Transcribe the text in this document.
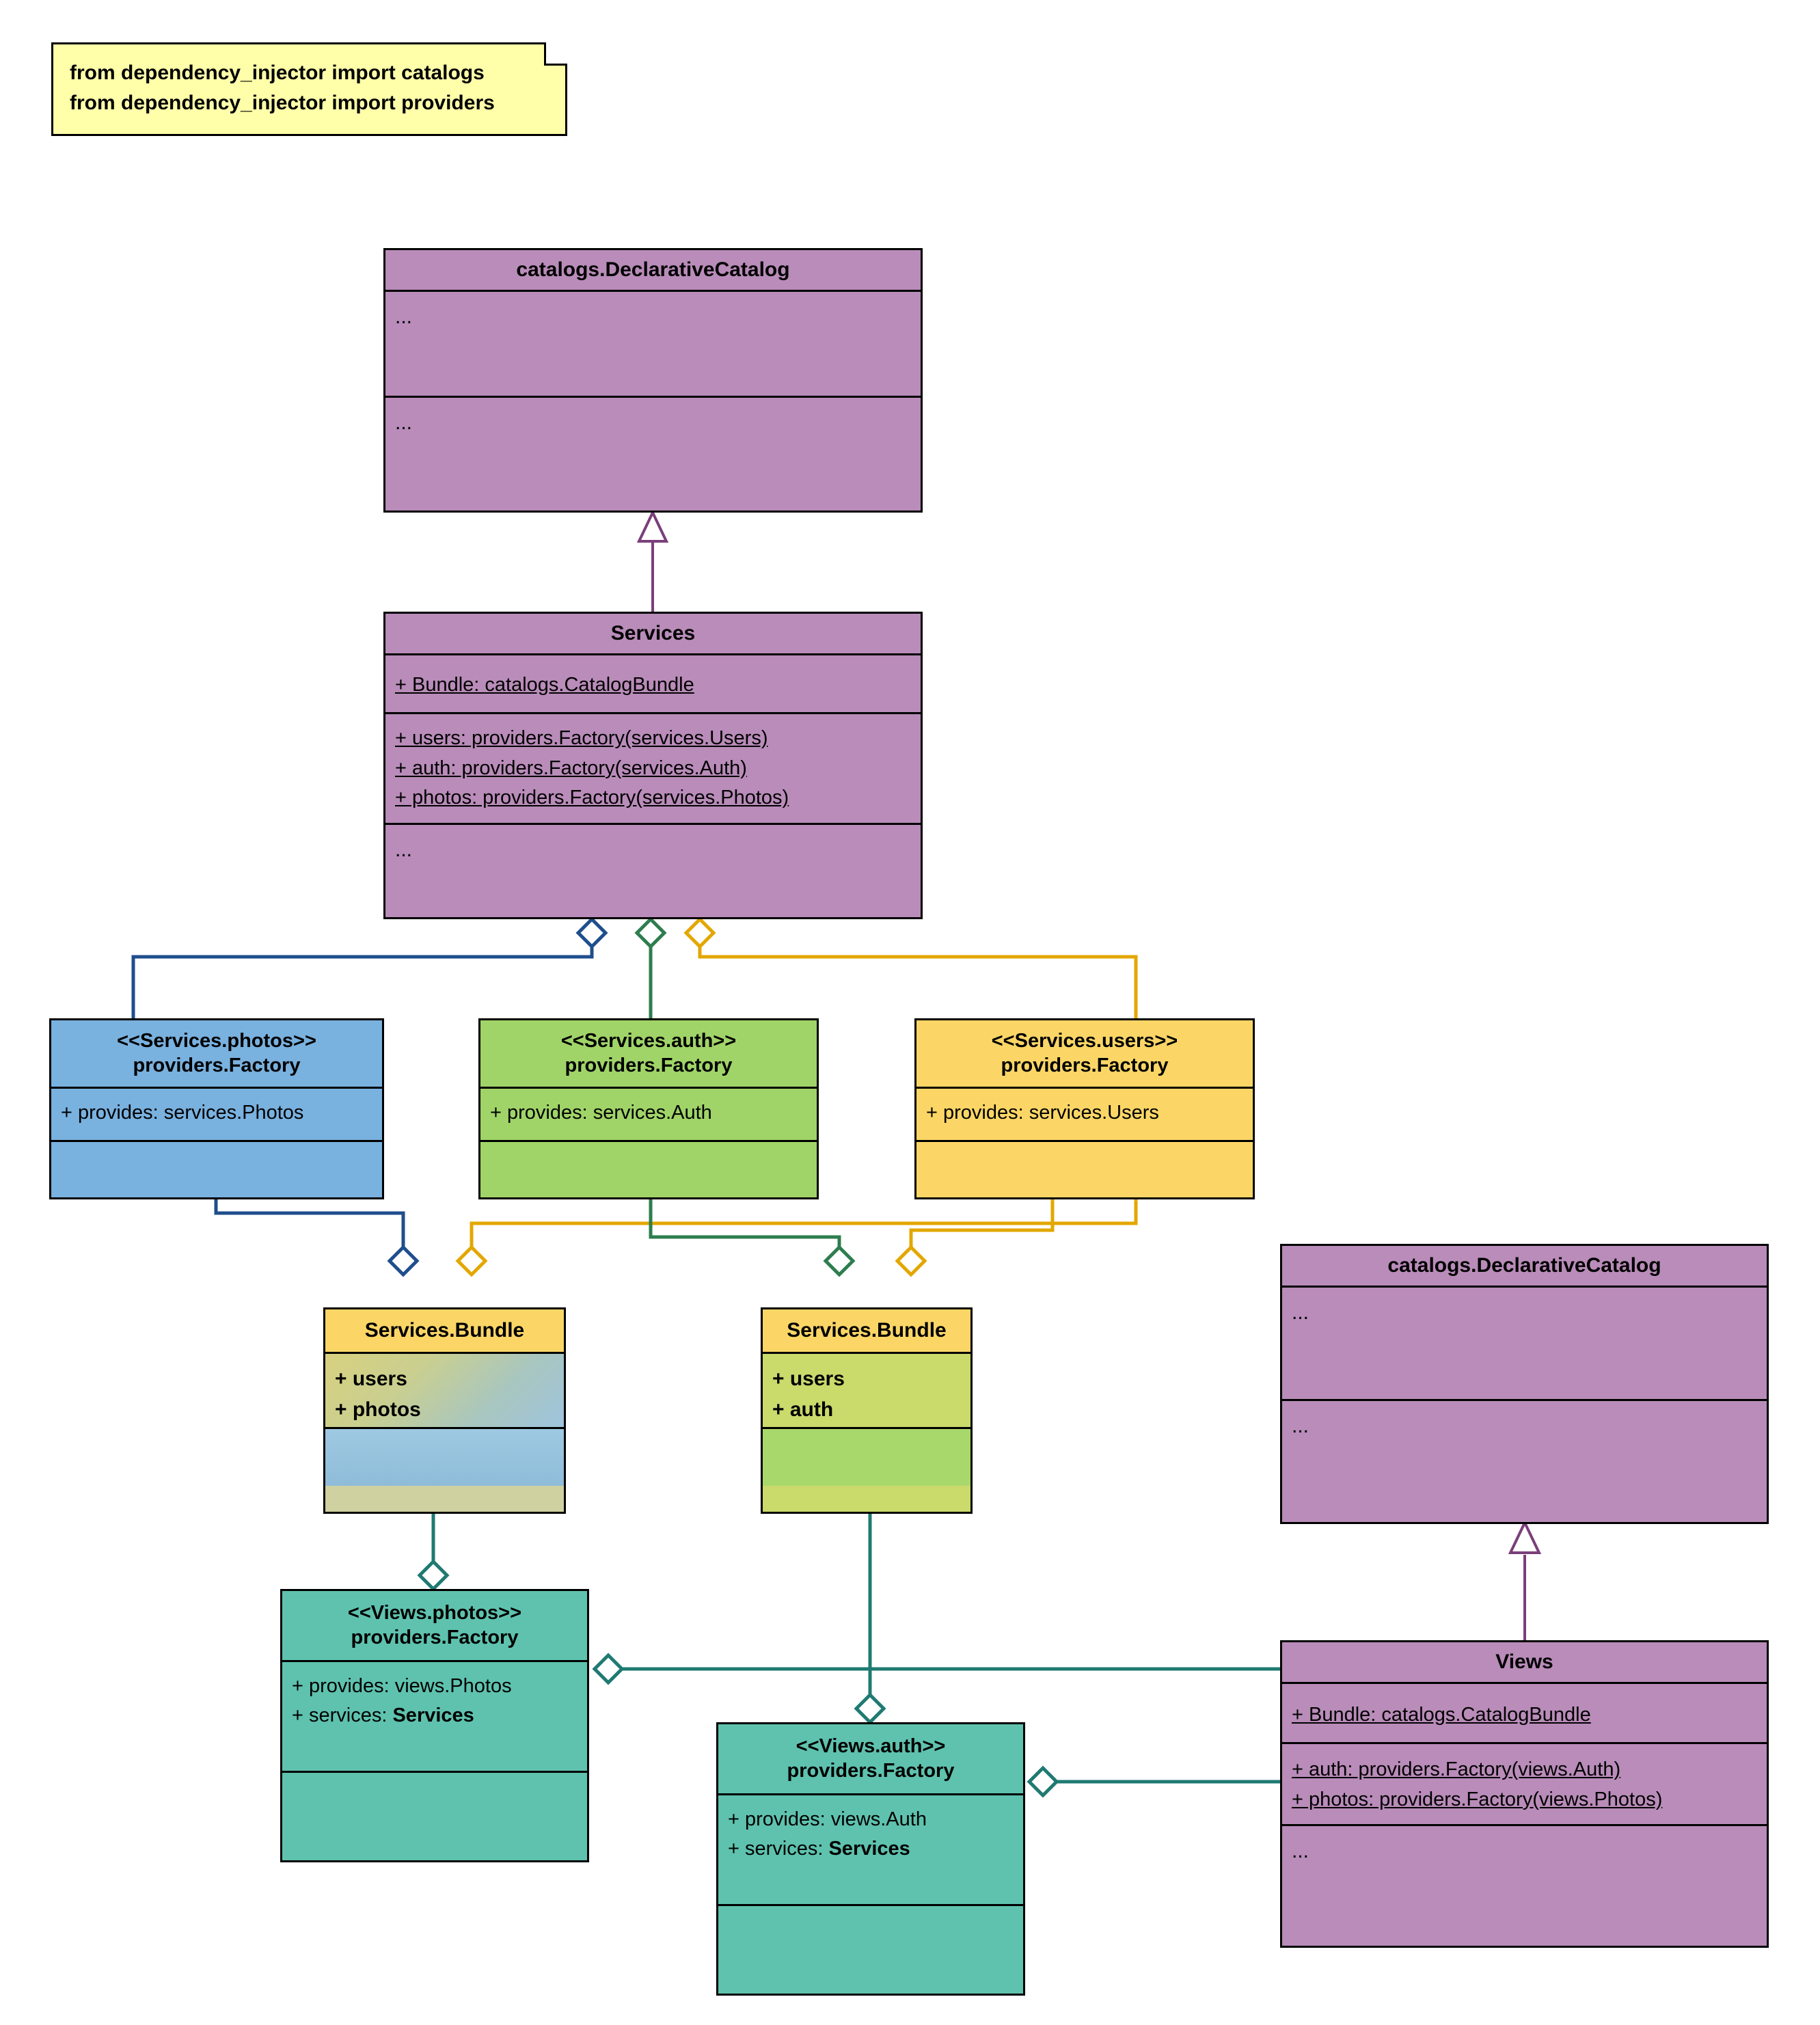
from dependency_injector import catalogs
from dependency_injector import providers
catalogs.DeclarativeCatalog
...
...
Services
+ Bundle: catalogs.CatalogBundle
+ users: providers.Factory(services.Users)
+ auth: providers.Factory(services.Auth)
+ photos: providers.Factory(services.Photos)
...
<<Services.photos>>
providers.Factory
+ provides: services.Photos
<<Services.auth>>
providers.Factory
+ provides: services.Auth
<<Services.users>>
providers.Factory
+ provides: services.Users
Services.Bundle
+ users
+ photos
Services.Bundle
+ users
+ auth
catalogs.DeclarativeCatalog
...
...
<<Views.photos>>
providers.Factory
+ provides: views.Photos
+ services: Services
<<Views.auth>>
providers.Factory
+ provides: views.Auth
+ services: Services
Views
+ Bundle: catalogs.CatalogBundle
+ auth: providers.Factory(views.Auth)
+ photos: providers.Factory(views.Photos)
...
